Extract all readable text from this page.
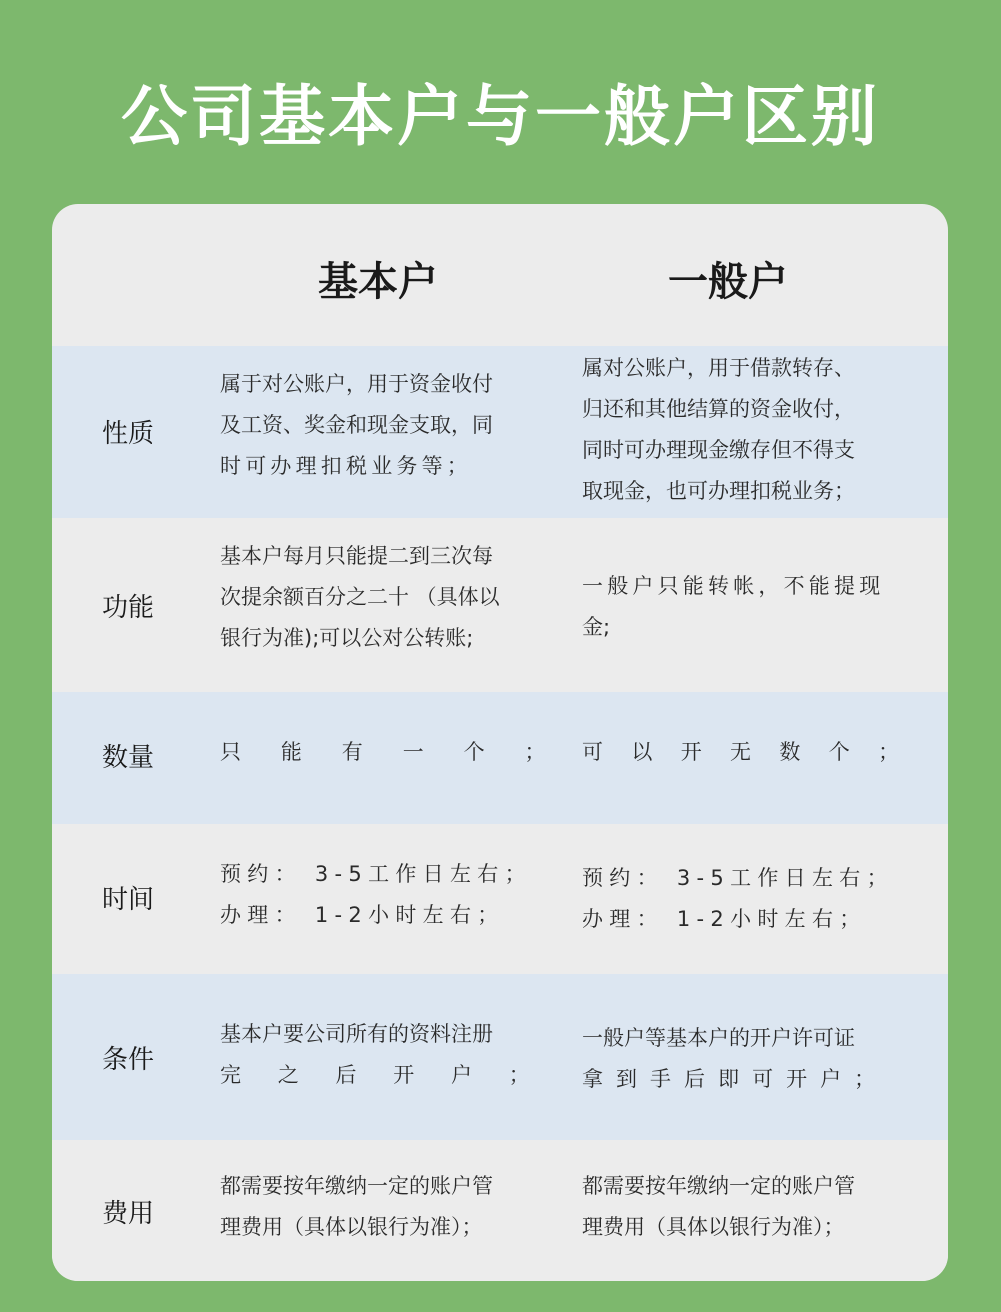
公司基本户与一般户区别
基本户	一般户
性质
属于对公账户，用于资金收付
及工资、奖金和现金支取，同
时可办理扣税业务等；
属对公账户，用于借款转存、
归还和其他结算的资金收付，
同时可办理现金缴存但不得支
取现金，也可办理扣税业务；
功能
基本户每月只能提二到三次每
次提余额百分之二十 （具体以
银行为准);可以公对公转账;
一般户只能转帐，不能提现
金;
数量	只能有一个；
可以开无数个；
时间
预约： 3-5工作日左右；
办理： 1-2小时左右；
预约： 3-5工作日左右；
办理： 1-2小时左右；
条件
基本户要公司所有的资料注册
完之后开户；
一般户等基本户的开户许可证
拿到手后即可开户；
费用
都需要按年缴纳一定的账户管
理费用（具体以银行为准）；
都需要按年缴纳一定的账户管
理费用（具体以银行为准）；
